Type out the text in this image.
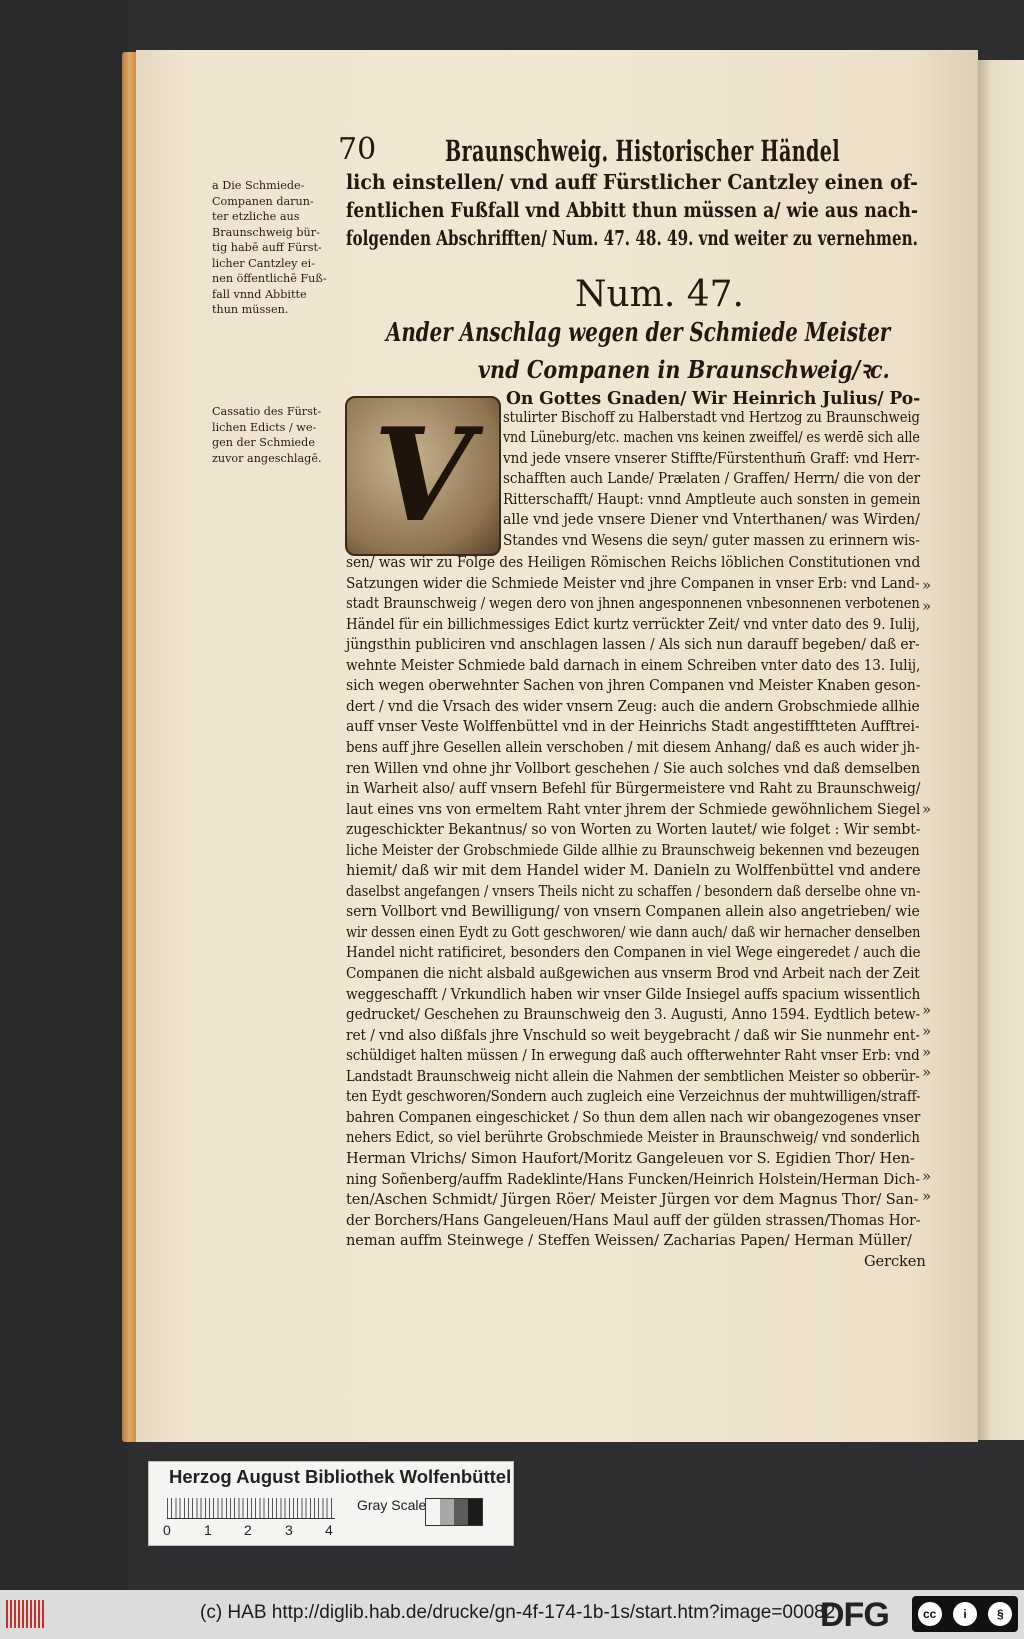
70 Braunschweig. Historischer Händel
lich einstellen/ vnd auff Fürstlicher Cantzley einen of-
fentlichen Fußfall vnd Abbitt thun müssen a/ wie aus nach-
folgenden Abschrifften/ Num. 47. 48. 49. vnd weiter zu vernehmen.
a Die Schmiede-
Companen darun-
ter etzliche aus
Braunschweig bür-
tig habē auff Fürst-
licher Cantzley ei-
nen öffentlichē Fuß-
fall vnnd Abbitte
thun müssen.
Cassatio des Fürst-
lichen Edicts / we-
gen der Schmiede
zuvor angeschlagē.
Num. 47.
Ander Anschlag wegen der Schmiede Meister
vnd Companen in Braunschweig/ꝛc.
V
On Gottes Gnaden/ Wir Heinrich Julius/ Po-
stulirter Bischoff zu Halberstadt vnd Hertzog zu Braunschweig
vnd Lüneburg/etc. machen vns keinen zweiffel/ es werdē sich alle
vnd jede vnsere vnserer Stiffte/Fürstenthum̄ Graff: vnd Herr-
schafften auch Lande/ Prælaten / Graffen/ Herrn/ die von der
Ritterschafft/ Haupt: vnnd Amptleute auch sonsten in gemein
alle vnd jede vnsere Diener vnd Vnterthanen/ was Wirden/
Standes vnd Wesens die seyn/ guter massen zu erinnern wis-
sen/ was wir zu Folge des Heiligen Römischen Reichs löblichen Constitutionen vnd
Satzungen wider die Schmiede Meister vnd jhre Companen in vnser Erb: vnd Land-
stadt Braunschweig / wegen dero von jhnen angesponnenen vnbesonnenen verbotenen
Händel für ein billichmessiges Edict kurtz verrückter Zeit/ vnd vnter dato des 9. Iulij,
jüngsthin publiciren vnd anschlagen lassen / Als sich nun darauff begeben/ daß er-
wehnte Meister Schmiede bald darnach in einem Schreiben vnter dato des 13. Iulij,
sich wegen oberwehnter Sachen von jhren Companen vnd Meister Knaben geson-
dert / vnd die Vrsach des wider vnsern Zeug: auch die andern Grobschmiede allhie
auff vnser Veste Wolffenbüttel vnd in der Heinrichs Stadt angestifftteten Aufftrei-
bens auff jhre Gesellen allein verschoben / mit diesem Anhang/ daß es auch wider jh-
ren Willen vnd ohne jhr Vollbort geschehen / Sie auch solches vnd daß demselben
in Warheit also/ auff vnsern Befehl für Bürgermeistere vnd Raht zu Braunschweig/
laut eines vns von ermeltem Raht vnter jhrem der Schmiede gewöhnlichem Siegel
zugeschickter Bekantnus/ so von Worten zu Worten lautet/ wie folget : Wir sembt-
liche Meister der Grobschmiede Gilde allhie zu Braunschweig bekennen vnd bezeugen
hiemit/ daß wir mit dem Handel wider M. Danieln zu Wolffenbüttel vnd andere
daselbst angefangen / vnsers Theils nicht zu schaffen / besondern daß derselbe ohne vn-
sern Vollbort vnd Bewilligung/ von vnsern Companen allein also angetrieben/ wie
wir dessen einen Eydt zu Gott geschworen/ wie dann auch/ daß wir hernacher denselben
Handel nicht ratificiret, besonders den Companen in viel Wege eingeredet / auch die
Companen die nicht alsbald außgewichen aus vnserm Brod vnd Arbeit nach der Zeit
weggeschafft / Vrkundlich haben wir vnser Gilde Insiegel auffs spacium wissentlich
gedrucket/ Geschehen zu Braunschweig den 3. Augusti, Anno 1594. Eydtlich betew-
ret / vnd also dißfals jhre Vnschuld so weit beygebracht / daß wir Sie nunmehr ent-
schüldiget halten müssen / In erwegung daß auch offterwehnter Raht vnser Erb: vnd
Landstadt Braunschweig nicht allein die Nahmen der sembtlichen Meister so obberür-
ten Eydt geschworen/Sondern auch zugleich eine Verzeichnus der muhtwilligen/straff-
bahren Companen eingeschicket / So thun dem allen nach wir obangezogenes vnser
nehers Edict, so viel berührte Grobschmiede Meister in Braunschweig/ vnd sonderlich
Herman Vlrichs/ Simon Haufort/Moritz Gangeleuen vor S. Egidien Thor/ Hen-
ning Soñenberg/auffm Radeklinte/Hans Funcken/Heinrich Holstein/Herman Dich-
ten/Aschen Schmidt/ Jürgen Röer/ Meister Jürgen vor dem Magnus Thor/ San-
der Borchers/Hans Gangeleuen/Hans Maul auff der gülden strassen/Thomas Hor-
neman auffm Steinwege / Steffen Weissen/ Zacharias Papen/ Herman Müller/
Gercken
»
»
»
»
»
»
»
»
»
Herzog August Bibliothek Wolfenbüttel
0 1 2 3 4
Gray Scale
(c) HAB http://diglib.hab.de/drucke/gn-4f-174-1b-1s/start.htm?image=00082
DFG	cc	i	§
